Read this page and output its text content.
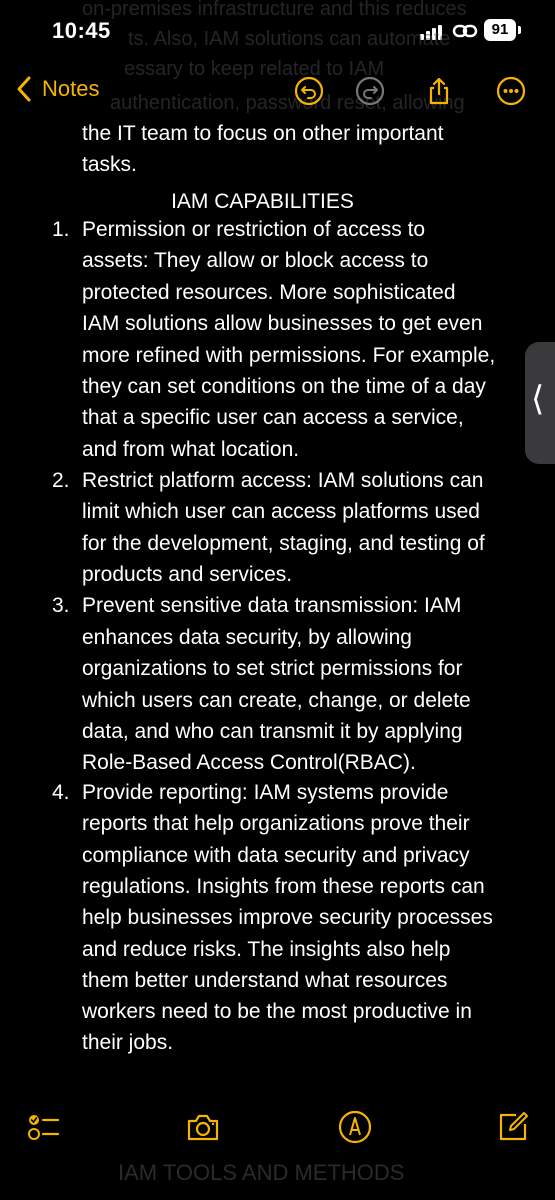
10:45	91
on-premises infrastructure and this reduces
ts. Also, IAM solutions can automate
essary to keep related to IAM
authentication, password reset, allowing
Notes
the IT team to focus on other important
tasks.
IAM CAPABILITIES
1. Permission or restriction of access to
assets: They allow or block access to
protected resources. More sophisticated
IAM solutions allow businesses to get even
more refined with permissions. For example,
they can set conditions on the time of a day
that a specific user can access a service,
and from what location.
2. Restrict platform access: IAM solutions can
limit which user can access platforms used
for the development, staging, and testing of
products and services.
3. Prevent sensitive data transmission: IAM
enhances data security, by allowing
organizations to set strict permissions for
which users can create, change, or delete
data, and who can transmit it by applying
Role-Based Access Control(RBAC).
4. Provide reporting: IAM systems provide
reports that help organizations prove their
compliance with data security and privacy
regulations. Insights from these reports can
help businesses improve security processes
and reduce risks. The insights also help
them better understand what resources
workers need to be the most productive in
their jobs.
⟨
IAM TOOLS AND METHODS
